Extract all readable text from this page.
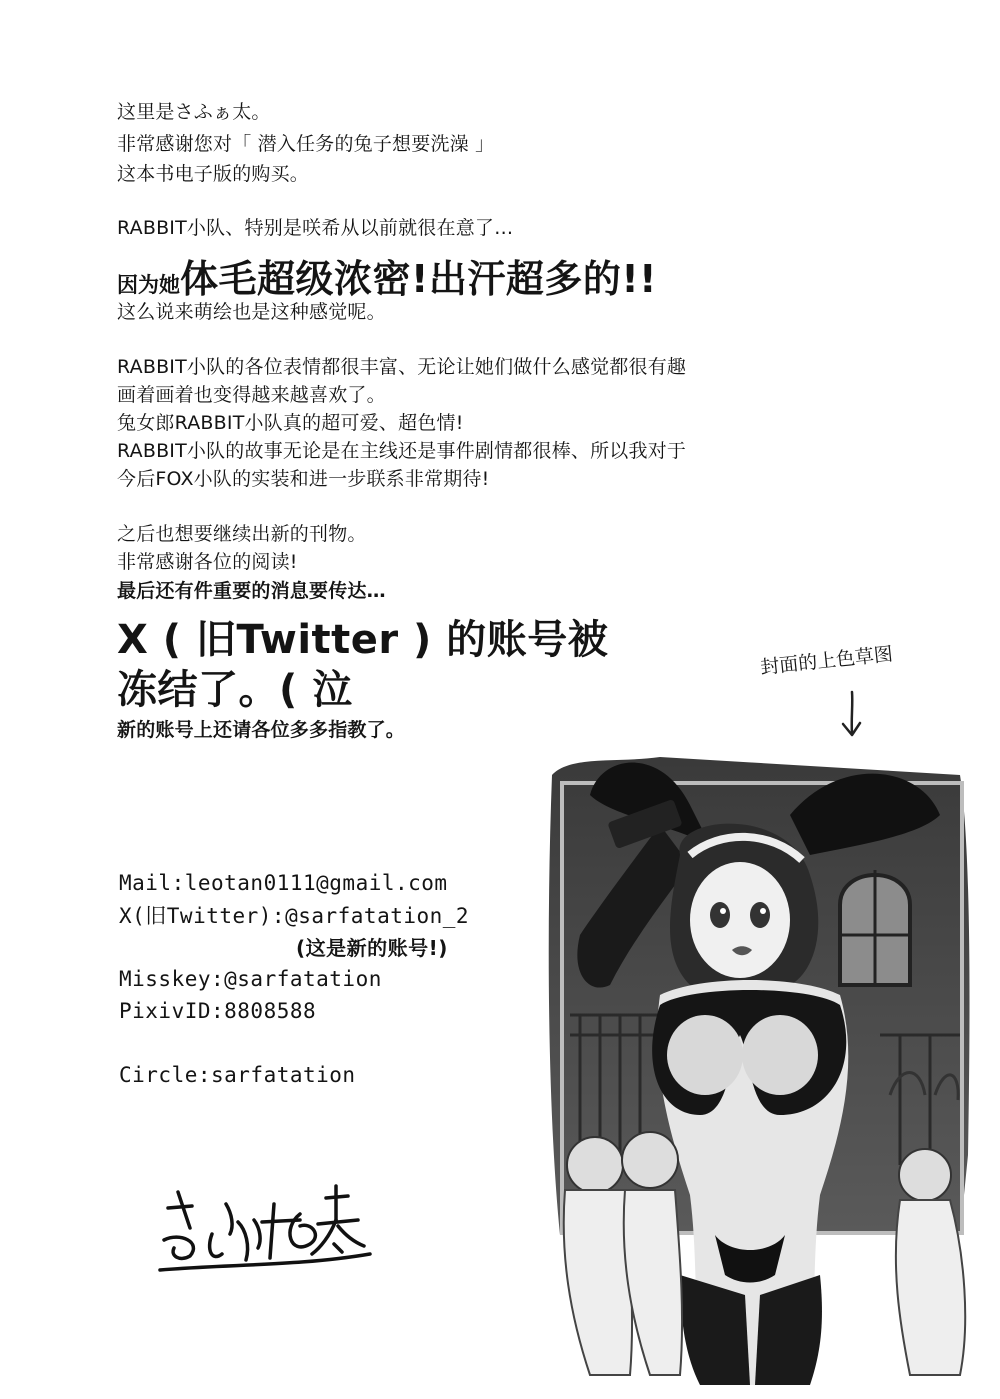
这里是さふぁ太。
非常感谢您对「 潜入任务的兔子想要洗澡 」
这本书电子版的购买。
RABBIT小队、特别是咲希从以前就很在意了…
因为她体毛超级浓密!出汗超多的!!
这么说来萌绘也是这种感觉呢。
RABBIT小队的各位表情都很丰富、无论让她们做什么感觉都很有趣
画着画着也变得越来越喜欢了。
兔女郎RABBIT小队真的超可爱、超色情!
RABBIT小队的故事无论是在主线还是事件剧情都很棒、所以我对于
今后FOX小队的实装和进一步联系非常期待!
之后也想要继续出新的刊物。
非常感谢各位的阅读!
最后还有件重要的消息要传达…
X ( 旧Twitter ) 的账号被
冻结了。( 泣
新的账号上还请各位多多指教了。
Mail:leotan0111@gmail.com
X(旧Twitter):@sarfatation_2
(这是新的账号!)
Misskey:@sarfatation
PixivID:8808588
Circle:sarfatation
封面的上色草图
